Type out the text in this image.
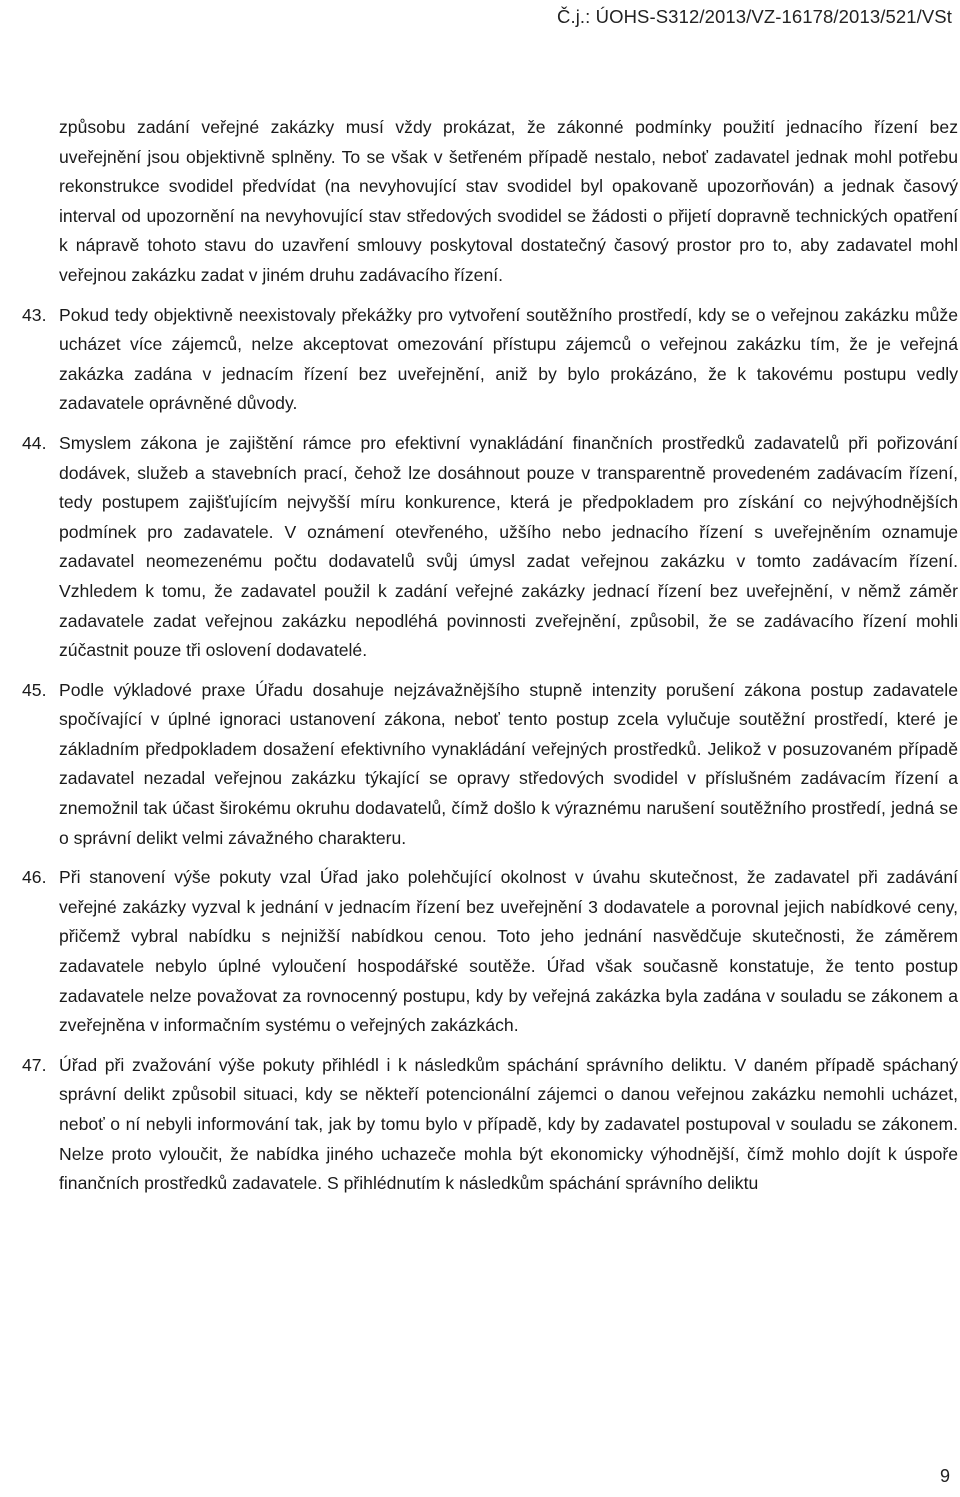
Č.j.: ÚOHS-S312/2013/VZ-16178/2013/521/VSt

způsobu zadání veřejné zakázky musí vždy prokázat, že zákonné podmínky použití jednacího řízení bez uveřejnění jsou objektivně splněny. To se však v šetřeném případě nestalo, neboť zadavatel jednak mohl potřebu rekonstrukce svodidel předvídat (na nevyhovující stav svodidel byl opakovaně upozorňován) a jednak časový interval od upozornění na nevyhovující stav středových svodidel se žádosti o přijetí dopravně technických opatření k nápravě tohoto stavu do uzavření smlouvy poskytoval dostatečný časový prostor pro to, aby zadavatel mohl veřejnou zakázku zadat v jiném druhu zadávacího řízení.

43. Pokud tedy objektivně neexistovaly překážky pro vytvoření soutěžního prostředí, kdy se o veřejnou zakázku může ucházet více zájemců, nelze akceptovat omezování přístupu zájemců o veřejnou zakázku tím, že je veřejná zakázka zadána v jednacím řízení bez uveřejnění, aniž by bylo prokázáno, že k takovému postupu vedly zadavatele oprávněné důvody.

44. Smyslem zákona je zajištění rámce pro efektivní vynakládání finančních prostředků zadavatelů při pořizování dodávek, služeb a stavebních prací, čehož lze dosáhnout pouze v transparentně provedeném zadávacím řízení, tedy postupem zajišťujícím nejvyšší míru konkurence, která je předpokladem pro získání co nejvýhodnějších podmínek pro zadavatele. V oznámení otevřeného, užšího nebo jednacího řízení s uveřejněním oznamuje zadavatel neomezenému počtu dodavatelů svůj úmysl zadat veřejnou zakázku v tomto zadávacím řízení. Vzhledem k tomu, že zadavatel použil k zadání veřejné zakázky jednací řízení bez uveřejnění, v němž záměr zadavatele zadat veřejnou zakázku nepodléhá povinnosti zveřejnění, způsobil, že se zadávacího řízení mohli zúčastnit pouze tři oslovení dodavatelé.

45. Podle výkladové praxe Úřadu dosahuje nejzávažnějšího stupně intenzity porušení zákona postup zadavatele spočívající v úplné ignoraci ustanovení zákona, neboť tento postup zcela vylučuje soutěžní prostředí, které je základním předpokladem dosažení efektivního vynakládání veřejných prostředků. Jelikož v posuzovaném případě zadavatel nezadal veřejnou zakázku týkající se opravy středových svodidel v příslušném zadávacím řízení a znemožnil tak účast širokému okruhu dodavatelů, čímž došlo k výraznému narušení soutěžního prostředí, jedná se o správní delikt velmi závažného charakteru.

46. Při stanovení výše pokuty vzal Úřad jako polehčující okolnost v úvahu skutečnost, že zadavatel při zadávání veřejné zakázky vyzval k jednání v jednacím řízení bez uveřejnění 3 dodavatele a porovnal jejich nabídkové ceny, přičemž vybral nabídku s nejnižší nabídkou cenou. Toto jeho jednání nasvědčuje skutečnosti, že záměrem zadavatele nebylo úplné vyloučení hospodářské soutěže. Úřad však současně konstatuje, že tento postup zadavatele nelze považovat za rovnocenný postupu, kdy by veřejná zakázka byla zadána v souladu se zákonem a zveřejněna v informačním systému o veřejných zakázkách.

47. Úřad při zvažování výše pokuty přihlédl i k následkům spáchání správního deliktu. V daném případě spáchaný správní delikt způsobil situaci, kdy se někteří potencionální zájemci o danou veřejnou zakázku nemohli ucházet, neboť o ní nebyli informování tak, jak by tomu bylo v případě, kdy by zadavatel postupoval v souladu se zákonem. Nelze proto vyloučit, že nabídka jiného uchazeče mohla být ekonomicky výhodnější, čímž mohlo dojít k úspoře finančních prostředků zadavatele. S přihlédnutím k následkům spáchání správního deliktu

9
